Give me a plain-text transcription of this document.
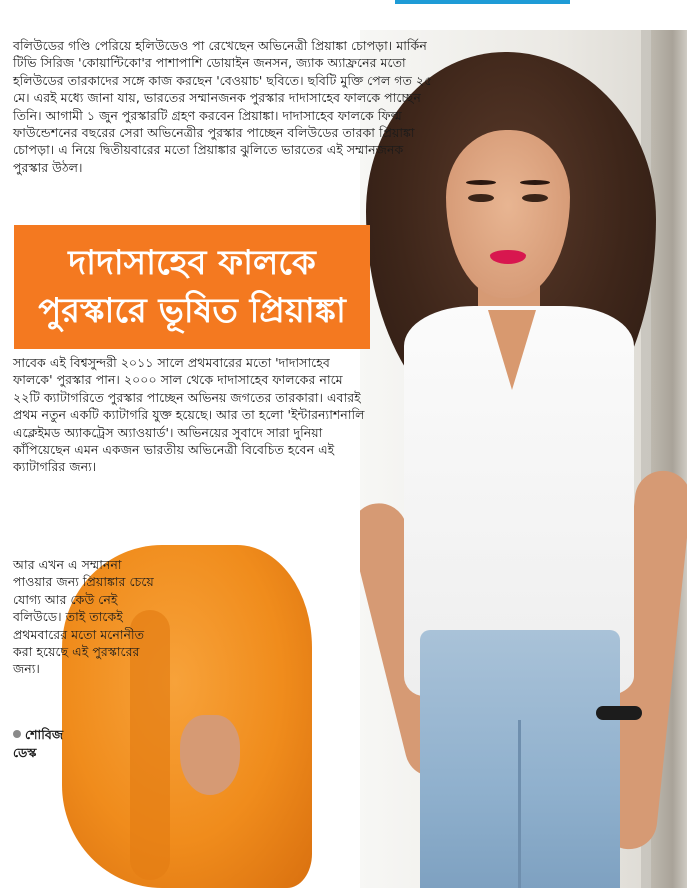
বলিউডের গণ্ডি পেরিয়ে হলিউডেও পা রেখেছেন অভিনেত্রী প্রিয়াঙ্কা চোপড়া। মার্কিন টিভি সিরিজ 'কোয়ান্টিকো'র পাশাপাশি ডোয়াইন জনসন, জ্যাক অ্যাফ্রনের মতো হলিউডের তারকাদের সঙ্গে কাজ করছেন 'বেওয়াচ' ছবিতে। ছবিটি মুক্তি পেল গত ২৫ মে। এরই মধ্যে জানা যায়, ভারতের সম্মানজনক পুরস্কার দাদাসাহেব ফালকে পাচ্ছেন তিনি। আগামী ১ জুন পুরস্কারটি গ্রহণ করবেন প্রিয়াঙ্কা। দাদাসাহেব ফালকে ফিল্ম ফাউন্ডেশনের বছরের সেরা অভিনেত্রীর পুরস্কার পাচ্ছেন বলিউডের তারকা প্রিয়াঙ্কা চোপড়া। এ নিয়ে দ্বিতীয়বারের মতো প্রিয়াঙ্কার ঝুলিতে ভারতের এই সম্মানজনক পুরস্কার উঠল।

দাদাসাহেব ফালকে
পুরস্কারে ভূষিত প্রিয়াঙ্কা

সাবেক এই বিশ্বসুন্দরী ২০১১ সালে প্রথমবারের মতো 'দাদাসাহেব ফালকে' পুরস্কার পান। ২০০০ সাল থেকে দাদাসাহেব ফালকের নামে ২২টি ক্যাটাগরিতে পুরস্কার পাচ্ছেন অভিনয় জগতের তারকারা। এবারই প্রথম নতুন একটি ক্যাটাগরি যুক্ত হয়েছে। আর তা হলো 'ইন্টারন্যাশনালি এক্লেইমড অ্যাকট্রেস অ্যাওয়ার্ড'। অভিনয়ের সুবাদে সারা দুনিয়া কাঁপিয়েছেন এমন একজন ভারতীয় অভিনেত্রী বিবেচিত হবেন এই ক্যাটাগরির জন্য।

আর এখন এ সম্মাননা পাওয়ার জন্য প্রিয়াঙ্কার চেয়ে যোগ্য আর কেউ নেই বলিউডে। তাই তাকেই প্রথমবারের মতো মনোনীত করা হয়েছে এই পুরস্কারের জন্য।

শোবিজ
ডেস্ক
